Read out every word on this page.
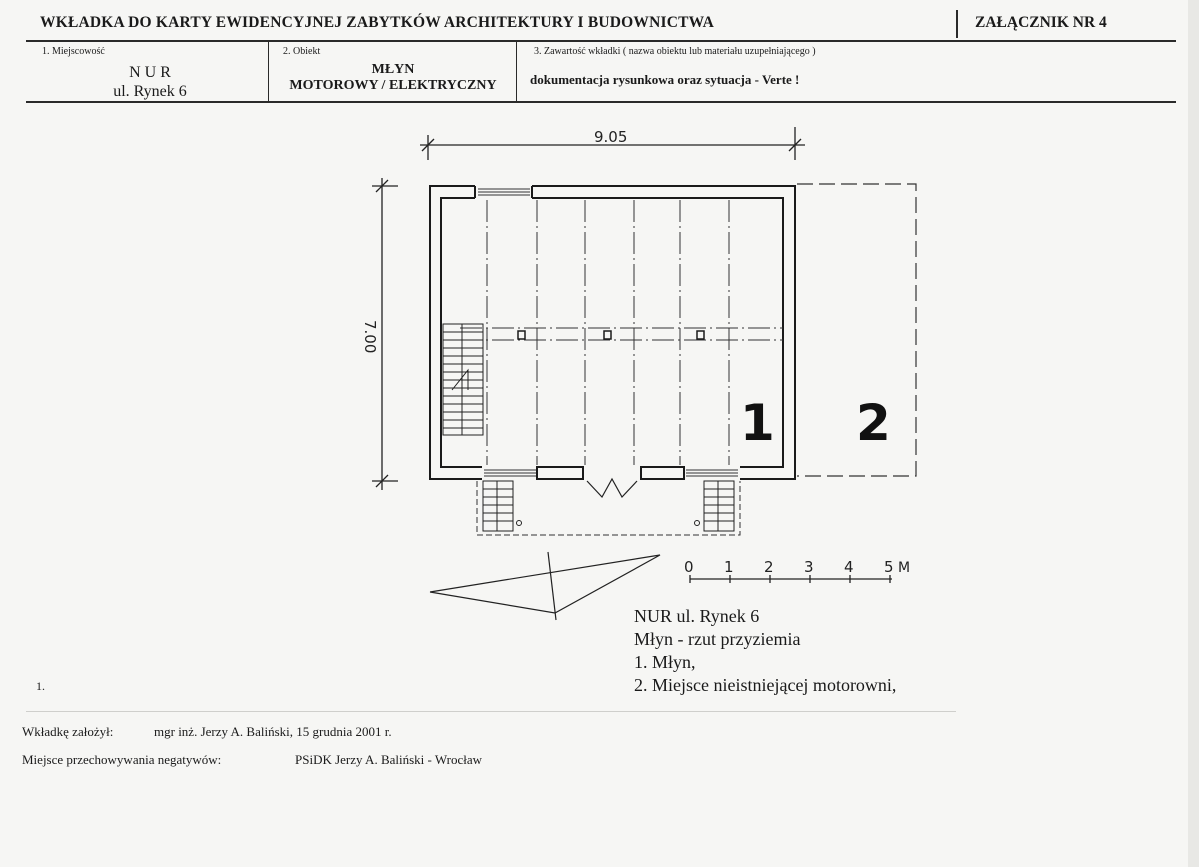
WKŁADKA DO KARTY EWIDENCYJNEJ ZABYTKÓW ARCHITEKTURY I BUDOWNICTWA	ZAŁĄCZNIK NR 4
1. Miejscowość
N U R
ul. Rynek 6
2. Obiekt
MŁYN
MOTOROWY / ELEKTRYCZNY
3. Zawartość wkładki ( nazwa obiektu lub materiału uzupełniającego )
dokumentacja rysunkowa oraz sytuacja - Verte !
9.05
7.00
1 2
0 1 2 3 4 5 M
NUR ul. Rynek 6
Młyn - rzut przyziemia
1. Młyn,
2. Miejsce nieistniejącej motorowni,
1.
Wkładkę założył:	mgr inż. Jerzy A. Baliński, 15 grudnia 2001 r.
Miejsce przechowywania negatywów:	PSiDK Jerzy A. Baliński - Wrocław
